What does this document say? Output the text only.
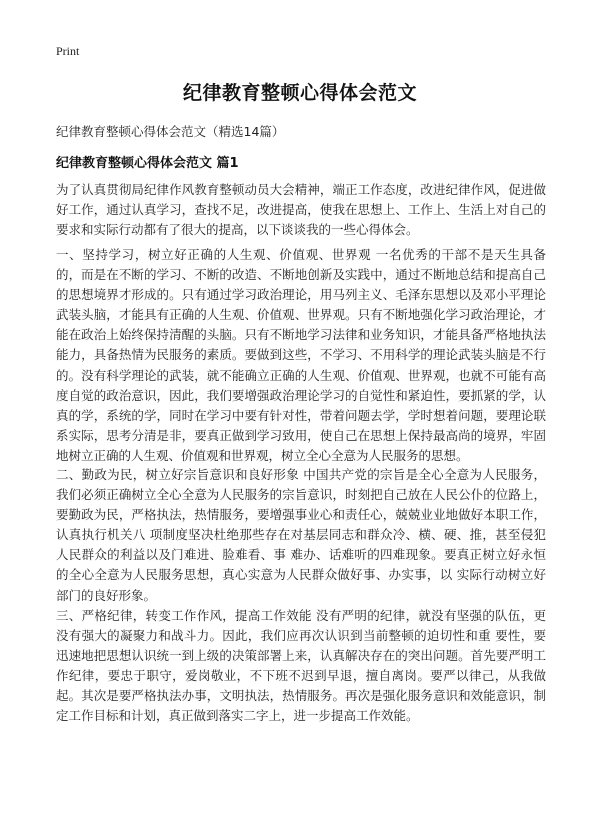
Print
纪律教育整顿心得体会范文

纪律教育整顿心得体会范文（精选14篇）

纪律教育整顿心得体会范文 篇1

为了认真贯彻局纪律作风教育整顿动员大会精神，端正工作态度，改进纪律作风，促进做好工作，通过认真学习，查找不足，改进提高，使我在思想上、工作上、生活上对自己的要求和实际行动都有了很大的提高，以下谈谈我的一些心得体会。

一、坚持学习，树立好正确的人生观、价值观、世界观 一名优秀的干部不是天生具备的，而是在不断的学习、不断的改造、不断地创新及实践中，通过不断地总结和提高自己的思想境界才形成的。只有通过学习政治理论，用马列主义、毛泽东思想以及邓小平理论武装头脑，才能具有正确的人生观、价值观、世界观。只有不断地强化学习政治理论，才能在政治上始终保持清醒的头脑。只有不断地学习法律和业务知识，才能具备严格地执法能力，具备热情为民服务的素质。要做到这些，不学习、不用科学的理论武装头脑是不行的。没有科学理论的武装，就不能确立正确的人生观、价值观、世界观，也就不可能有高度自觉的政治意识，因此，我们要增强政治理论学习的自觉性和紧迫性，要抓紧的学，认真的学，系统的学，同时在学习中要有针对性，带着问题去学，学时想着问题，要理论联系实际，思考分清是非，要真正做到学习致用，使自己在思想上保持最高尚的境界，牢固地树立正确的人生观、价值观和世界观，树立全心全意为人民服务的思想。

二、勤政为民，树立好宗旨意识和良好形象 中国共产党的宗旨是全心全意为人民服务，我们必须正确树立全心全意为人民服务的宗旨意识，时刻把自己放在人民公仆的位路上，要勤政为民，严格执法，热情服务，要增强事业心和责任心，兢兢业业地做好本职工作，认真执行机关八 项制度坚决杜绝那些存在对基层同志和群众冷、横、硬、推，甚至侵犯人民群众的利益以及门难进、脸难看、事 难办、话难听的四难现象。要真正树立好永恒的全心全意为人民服务思想，真心实意为人民群众做好事、办实事，以 实际行动树立好部门的良好形象。

三、严格纪律，转变工作作风，提高工作效能 没有严明的纪律，就没有坚强的队伍，更没有强大的凝聚力和战斗力。因此，我们应再次认识到当前整顿的迫切性和重 要性，要迅速地把思想认识统一到上级的决策部署上来，认真解决存在的突出问题。首先要严明工作纪律，要忠于职守，爱岗敬业，不下班不迟到早退，擅自离岗。要严以律己，从我做起。其次是要严格执法办事，文明执法，热情服务。再次是强化服务意识和效能意识，制定工作目标和计划，真正做到落实二字上，进一步提高工作效能。
